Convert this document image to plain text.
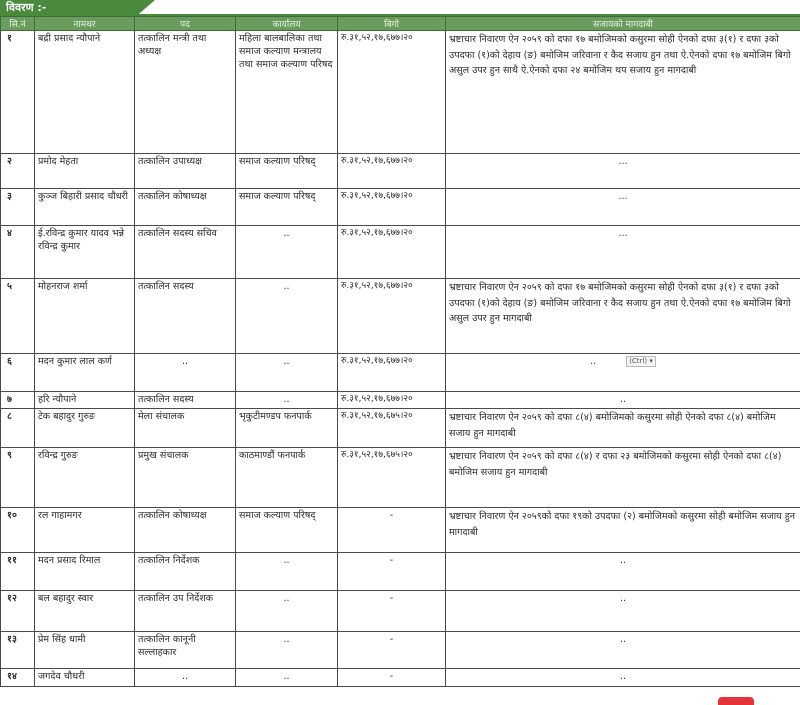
विवरण :-
सि.नं	नामथर	पद	कार्यालय	बिगो	सजायको मागदाबी
१	बद्री प्रसाद न्यौपाने	तत्कालिन मन्त्री तथा अध्यक्ष	महिला बालबालिका तथा समाज कल्याण मन्त्रालय तथा समाज कल्याण परिषद	रु.३१,५२,१७,६७७।२०	भ्रष्टाचार निवारण ऐन २०५९ को दफा १७ बमोजिमको कसुरमा सोही ऐनको दफा ३(१) र दफा ३को उपदफा (१)को देहाय (ङ) बमोजिम जरिवाना र कैद सजाय हुन तथा ऐ.ऐनको दफा १७ बमोजिम बिगो असुल उपर हुन साथै ऐ.ऐनको दफा २४ बमोजिम थप सजाय हुन मागदाबी
२	प्रमोद मेहता	तत्कालिन उपाध्यक्ष	समाज कल्याण परिषद्	रु.३१,५२,१७,६७७।२०	...
३	कुञ्ज बिहारी प्रसाद चौधरी	तत्कालिन कोषाध्यक्ष	समाज कल्याण परिषद्	रु.३१,५२,१७,६७७।२०	...
४	ई.रविन्द्र कुमार यादव भन्ने रविन्द्र कुमार	तत्कालिन सदस्य सचिव	..	रु.३१,५२,१७,६७७।२०	...
५	मोहनराज शर्मा	तत्कालिन सदस्य	..	रु.३१,५२,१७,६७७।२०	भ्रष्टाचार निवारण ऐन २०५९ को दफा १७ बमोजिमको कसुरमा सोही ऐनको दफा ३(१) र दफा ३को उपदफा (१)को देहाय (ङ) बमोजिम जरिवाना र कैद सजाय हुन तथा ऐ.ऐनको दफा १७ बमोजिम बिगो असुल उपर हुन मागदाबी
६	मदन कुमार लाल कर्ण	..	..	रु.३१,५२,१७,६७७।२०	.. (Ctrl) ▾
७	हरि न्यौपाने	तत्कालिन सदस्य	..	रु.३१,५२,१७,६७७।२०	..
८	टेक बहादुर गुरुङ	मेला संचालक	भृकुटीमण्डप फनपार्क	रु.३१,५२,१७,६७५।२०	भ्रष्टाचार निवारण ऐन २०५९ को दफा ८(४) बमोजिमको कसुरमा सोही ऐनको दफा ८(४) बमोजिम सजाय हुन मागदाबी
९	रविन्द्र गुरुङ	प्रमुख संचालक	काठमाण्डौं फनपार्क	रु.३१,५२,१७,६७५।२०	भ्रष्टाचार निवारण ऐन २०५९ को दफा ८(४) र दफा २३ बमोजिमको कसुरमा सोही ऐनको दफा ८(४) बमोजिम सजाय हुन मागदाबी
१०	रल गाहामगर	तत्कालिन कोषाध्यक्ष	समाज कल्याण परिषद्	-	भ्रष्टाचार निवारण ऐन २०५९को दफा १९को उपदफा (२) बमोजिमको कसुरमा सोही बमोजिम सजाय हुन मागदाबी
११	मदन प्रसाद रिमाल	तत्कालिन निर्देशक	..	-	..
१२	बल बहादुर स्वार	तत्कालिन उप निर्देशक	..	-	..
१३	प्रेम सिंह धामी	तत्कालिन कानूनी सल्लाहकार	..	-	..
१४	जगदेव चौधरी	..	..	-	..
